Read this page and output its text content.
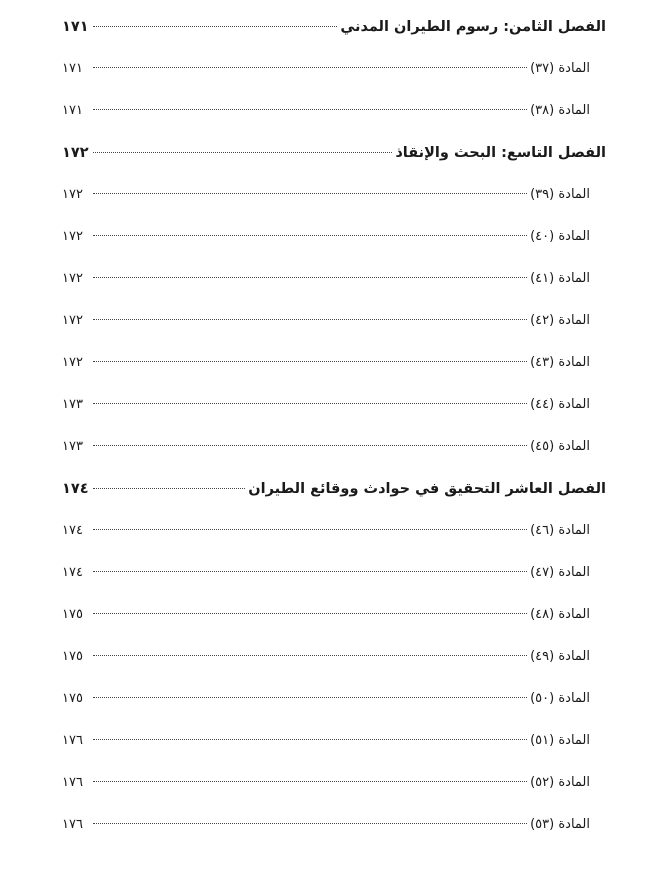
الفصل الثامن: رسوم الطيران المدني
١٧١
المادة (٣٧)
١٧١
المادة (٣٨)
١٧١
الفصل التاسع: البحث والإنقاذ
١٧٢
المادة (٣٩)
١٧٢
المادة (٤٠)
١٧٢
المادة (٤١)
١٧٢
المادة (٤٢)
١٧٢
المادة (٤٣)
١٧٢
المادة (٤٤)
١٧٣
المادة (٤٥)
١٧٣
الفصل العاشر التحقيق في حوادث ووقائع الطيران
١٧٤
المادة (٤٦)
١٧٤
المادة (٤٧)
١٧٤
المادة (٤٨)
١٧٥
المادة (٤٩)
١٧٥
المادة (٥٠)
١٧٥
المادة (٥١)
١٧٦
المادة (٥٢)
١٧٦
المادة (٥٣)
١٧٦
